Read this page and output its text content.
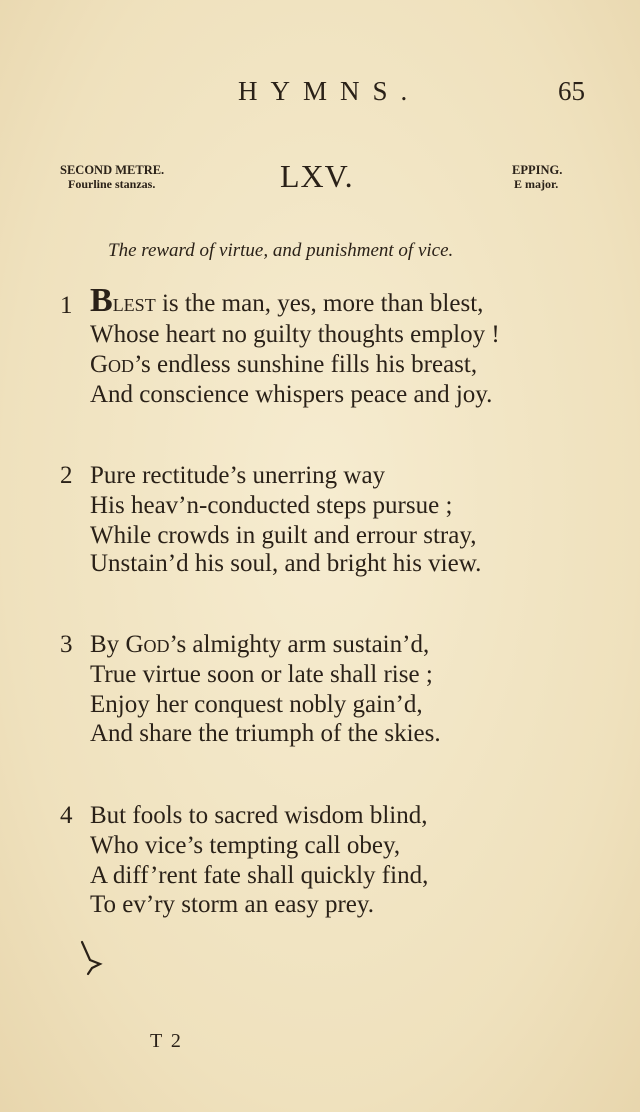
HYMNS.	65
SECOND METRE.
Fourline stanzas.	LXV.	EPPING.
E major.
The reward of virtue, and punishment of vice.
1 Blest is the man, yes, more than blest,
Whose heart no guilty thoughts employ !
God’s endless sunshine fills his breast,
And conscience whispers peace and joy.
2 Pure rectitude’s unerring way
His heav’n-conducted steps pursue ;
While crowds in guilt and errour stray,
Unstain’d his soul, and bright his view.
3 By God’s almighty arm sustain’d,
True virtue soon or late shall rise ;
Enjoy her conquest nobly gain’d,
And share the triumph of the skies.
4 But fools to sacred wisdom blind,
Who vice’s tempting call obey,
A diff’rent fate shall quickly find,
To ev’ry storm an easy prey.
T 2
